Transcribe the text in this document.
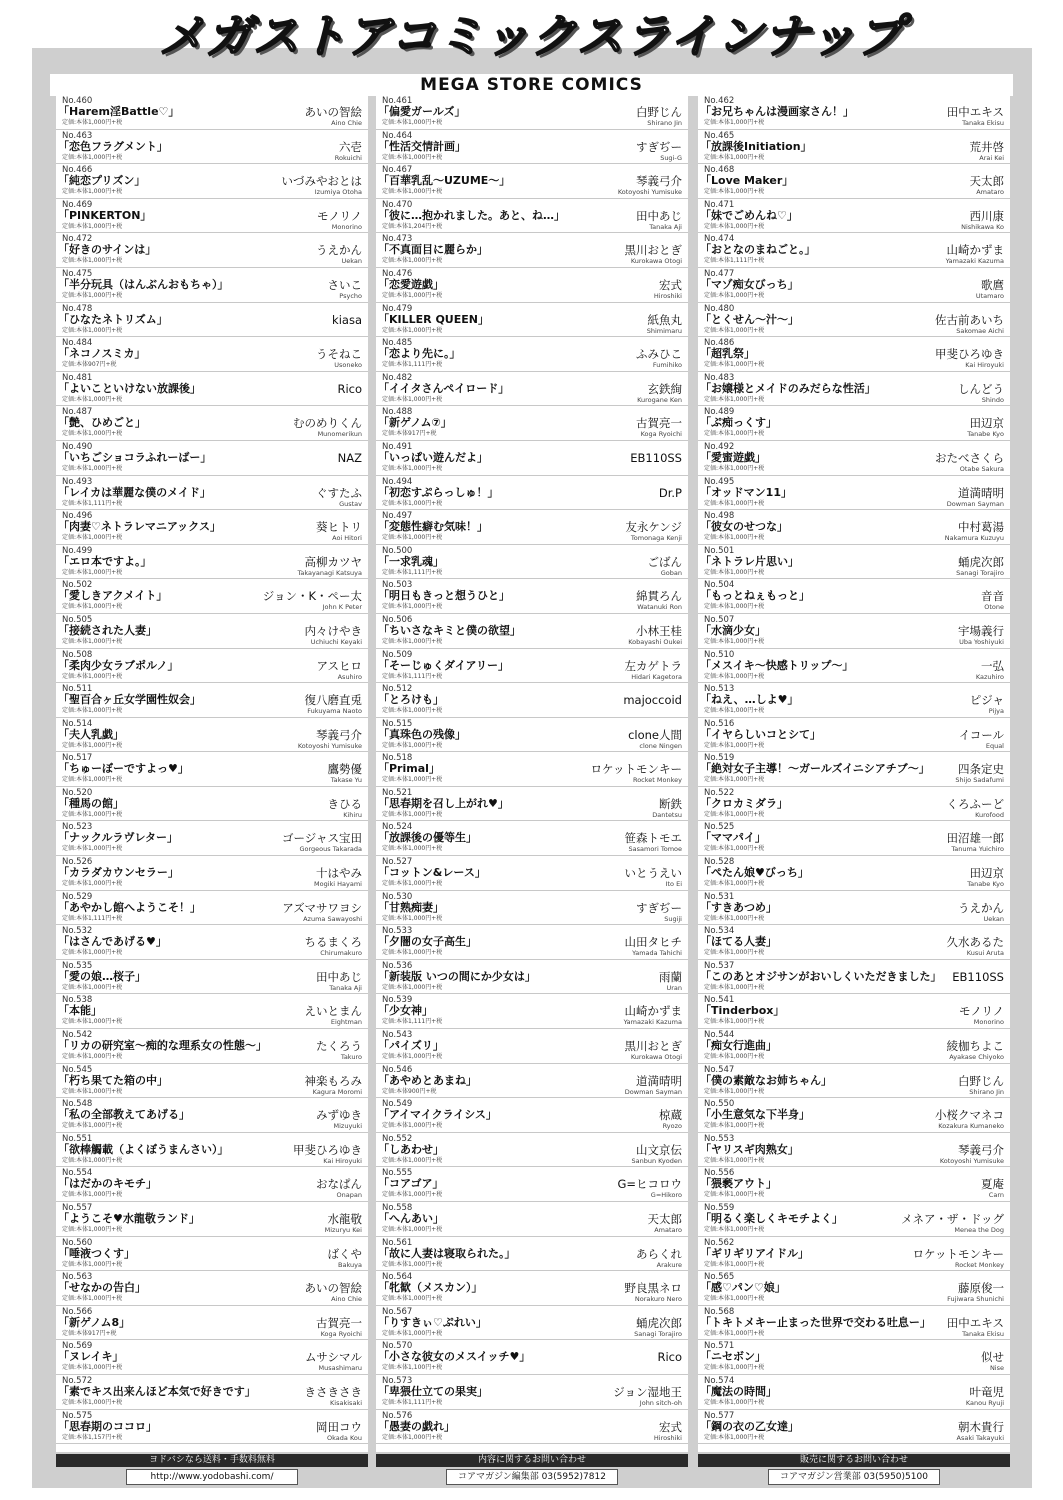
メガストアコミックスラインナップ
MEGA STORE COMICS
No.460
「Harem淫Battle♡」
定価:本体1,000円+税
あいの智絵
Aino Chie
No.463
「恋色フラグメント」
定価:本体1,000円+税
六壱
Rokuichi
No.466
「純恋プリズン」
定価:本体1,000円+税
いづみやおとは
Izumiya Otoha
No.469
「PINKERTON」
定価:本体1,000円+税
モノリノ
Monorino
No.472
「好きのサインは」
定価:本体1,000円+税
うえかん
Uekan
No.475
「半分玩具（はんぶんおもちゃ）」
定価:本体1,000円+税
さいこ
Psycho
No.478
「ひなたネトリズム」
定価:本体1,000円+税
kiasa
No.484
「ネコノスミカ」
定価:本体907円+税
うそねこ
Usoneko
No.481
「よいこといけない放課後」
定価:本体1,000円+税
Rico
No.487
「艶、ひめごと」
定価:本体1,000円+税
むのめりくん
Munomerikun
No.490
「いちごショコラふれーばー」
定価:本体1,000円+税
NAZ
No.493
「レイカは華麗な僕のメイド」
定価:本体1,111円+税
ぐすたふ
Gustav
No.496
「肉妻♡ネトラレマニアックス」
定価:本体1,000円+税
葵ヒトリ
Aoi Hitori
No.499
「エロ本ですよ。」
定価:本体1,000円+税
高柳カツヤ
Takayanagi Katsuya
No.502
「愛しきアクメイト」
定価:本体1,000円+税
ジョン・K・ペー太
John K Peter
No.505
「接続された人妻」
定価:本体1,000円+税
内々けやき
Uchiuchi Keyaki
No.508
「柔肉少女ラブポルノ」
定価:本体1,000円+税
アスヒロ
Asuhiro
No.511
「聖百合ヶ丘女学園性奴会」
定価:本体1,000円+税
復八磨直兎
Fukuyama Naoto
No.514
「夫人乳戯」
定価:本体1,000円+税
琴義弓介
Kotoyoshi Yumisuke
No.517
「ちゅーぼーですよっ♥」
定価:本体1,000円+税
鷹勢優
Takase Yu
No.520
「種馬の館」
定価:本体1,000円+税
きひる
Kihiru
No.523
「ナックルラヴレター」
定価:本体1,000円+税
ゴージャス宝田
Gorgeous Takarada
No.526
「カラダカウンセラー」
定価:本体1,000円+税
十はやみ
Mogiki Hayami
No.529
「あやかし館へようこそ！」
定価:本体1,111円+税
アズマサワヨシ
Azuma Sawayoshi
No.532
「はさんであげる♥」
定価:本体1,000円+税
ちるまくろ
Chirumakuro
No.535
「愛の娘…桜子」
定価:本体1,000円+税
田中あじ
Tanaka Aji
No.538
「本能」
定価:本体1,000円+税
えいとまん
Eightman
No.542
「リカの研究室～痴的な理系女の性態～」
定価:本体1,000円+税
たくろう
Takuro
No.545
「朽ち果てた箱の中」
定価:本体1,000円+税
神楽もろみ
Kagura Moromi
No.548
「私の全部教えてあげる」
定価:本体1,000円+税
みずゆき
Mizuyuki
No.551
「欲棒觸載（よくぼうまんさい）」
定価:本体1,000円+税
甲斐ひろゆき
Kai Hiroyuki
No.554
「はだかのキモチ」
定価:本体1,000円+税
おなぱん
Onapan
No.557
「ようこそ♥水龍敬ランド」
定価:本体1,000円+税
水龍敬
Mizuryu Kei
No.560
「唾液つくす」
定価:本体1,000円+税
ばくや
Bakuya
No.563
「せなかの告白」
定価:本体1,000円+税
あいの智絵
Aino Chie
No.566
「新ゲノム8」
定価:本体917円+税
古賀亮一
Koga Ryoichi
No.569
「ヌレイキ」
定価:本体1,000円+税
ムサシマル
Musashimaru
No.572
「素でキス出来んほど本気で好きです」
定価:本体1,000円+税
きさきさき
Kisakisaki
No.575
「思春期のココロ」
定価:本体1,157円+税
岡田コウ
Okada Kou
No.461
「偏愛ガールズ」
定価:本体1,000円+税
白野じん
Shirano Jin
No.464
「性活交情計画」
定価:本体1,000円+税
すぎぢー
Sugi-G
No.467
「百華乳乱～UZUME～」
定価:本体1,000円+税
琴義弓介
Kotoyoshi Yumisuke
No.470
「彼に…抱かれました。あと、ね…」
定価:本体1,204円+税
田中あじ
Tanaka Aji
No.473
「不真面目に麗らか」
定価:本体1,000円+税
黒川おとぎ
Kurokawa Otogi
No.476
「恋愛遊戯」
定価:本体1,000円+税
宏式
Hiroshiki
No.479
「KILLER QUEEN」
定価:本体1,000円+税
紙魚丸
Shimimaru
No.485
「恋より先に。」
定価:本体1,111円+税
ふみひこ
Fumihiko
No.482
「イイタさんペイロード」
定価:本体1,000円+税
玄鉄絢
Kurogane Ken
No.488
「新ゲノム⑦」
定価:本体917円+税
古賀亮一
Koga Ryoichi
No.491
「いっぱい遊んだよ」
定価:本体1,000円+税
EB110SS
No.494
「初恋すぷらっしゅ！」
定価:本体1,000円+税
Dr.P
No.497
「変態性癖む気味！」
定価:本体1,000円+税
友永ケンジ
Tomonaga Kenji
No.500
「一求乳魂」
定価:本体1,111円+税
ごばん
Goban
No.503
「明日もきっと想うひと」
定価:本体1,000円+税
綿貫ろん
Watanuki Ron
No.506
「ちいさなキミと僕の欲望」
定価:本体1,000円+税
小林王桂
Kobayashi Oukei
No.509
「そーじゅくダイアリー」
定価:本体1,111円+税
左カゲトラ
Hidari Kagetora
No.512
「とろけも」
定価:本体1,000円+税
majoccoid
No.515
「真珠色の残像」
定価:本体1,000円+税
clone人間
clone Ningen
No.518
「Primal」
定価:本体1,000円+税
ロケットモンキー
Rocket Monkey
No.521
「思春期を召し上がれ♥」
定価:本体1,000円+税
断鉄
Dantetsu
No.524
「放課後の優等生」
定価:本体1,000円+税
笹森トモエ
Sasamori Tomoe
No.527
「コットン&レース」
定価:本体1,000円+税
いとうえい
Ito Ei
No.530
「甘熟痴妻」
定価:本体1,000円+税
すぎぢー
Sugiji
No.533
「夕闇の女子高生」
定価:本体1,000円+税
山田タヒチ
Yamada Tahichi
No.536
「新装版 いつの間にか少女は」
定価:本体1,000円+税
雨蘭
Uran
No.539
「少女神」
定価:本体1,111円+税
山崎かずま
Yamazaki Kazuma
No.543
「パイズリ」
定価:本体1,000円+税
黒川おとぎ
Kurokawa Otogi
No.546
「あやめとあまね」
定価:本体900円+税
道満晴明
Dowman Sayman
No.549
「アイマイクライシス」
定価:本体1,000円+税
椋蔵
Ryozo
No.552
「しあわせ」
定価:本体1,000円+税
山文京伝
Sanbun Kyoden
No.555
「コアゴア」
定価:本体1,000円+税
G=ヒコロウ
G=Hikoro
No.558
「へんあい」
定価:本体1,000円+税
天太郎
Amataro
No.561
「故に人妻は寝取られた。」
定価:本体1,000円+税
あらくれ
Arakure
No.564
「牝歓（メスカン）」
定価:本体1,000円+税
野良黒ネロ
Norakuro Nero
No.567
「りすきぃ♡ぷれい」
定価:本体1,000円+税
蛹虎次郎
Sanagi Torajiro
No.570
「小さな彼女のメスイッチ♥」
定価:本体1,100円+税
Rico
No.573
「卑猥仕立ての果実」
定価:本体1,111円+税
ジョン湿地王
John sitch-oh
No.576
「愚妻の戯れ」
定価:本体1,000円+税
宏式
Hiroshiki
No.462
「お兄ちゃんは漫画家さん！」
定価:本体1,000円+税
田中エキス
Tanaka Ekisu
No.465
「放課後Initiation」
定価:本体1,000円+税
荒井啓
Arai Kei
No.468
「Love Maker」
定価:本体1,000円+税
天太郎
Amataro
No.471
「妹でごめんね♡」
定価:本体1,000円+税
西川康
Nishikawa Ko
No.474
「おとなのまねごと。」
定価:本体1,111円+税
山崎かずま
Yamazaki Kazuma
No.477
「マゾ痴女びっち」
定価:本体1,000円+税
歌麿
Utamaro
No.480
「とくせん～汁～」
定価:本体1,000円+税
佐古前あいち
Sakomae Aichi
No.486
「超乳祭」
定価:本体1,000円+税
甲斐ひろゆき
Kai Hiroyuki
No.483
「お嬢様とメイドのみだらな性活」
定価:本体1,000円+税
しんどう
Shindo
No.489
「ぷ痴っくす」
定価:本体1,000円+税
田辺京
Tanabe Kyo
No.492
「愛蜜遊戯」
定価:本体1,000円+税
おたべさくら
Otabe Sakura
No.495
「オッドマン11」
定価:本体1,000円+税
道満晴明
Dowman Sayman
No.498
「彼女のせつな」
定価:本体1,000円+税
中村葛湯
Nakamura Kuzuyu
No.501
「ネトラレ片思い」
定価:本体1,000円+税
蛹虎次郎
Sanagi Torajiro
No.504
「もっとねぇもっと」
定価:本体1,000円+税
音音
Otone
No.507
「水滴少女」
定価:本体1,000円+税
宇場義行
Uba Yoshiyuki
No.510
「メスイキ～快感トリップ～」
定価:本体1,000円+税
一弘
Kazuhiro
No.513
「ねえ、…しよ♥」
定価:本体1,000円+税
ピジャ
Pijya
No.516
「イヤらしいコとシて」
定価:本体1,000円+税
イコール
Equal
No.519
「絶対女子主導！～ガールズイニシアチブ～」
定価:本体1,000円+税
四条定史
Shijo Sadafumi
No.522
「クロカミダラ」
定価:本体1,000円+税
くろふーど
Kurofood
No.525
「ママパイ」
定価:本体1,000円+税
田沼雄一郎
Tanuma Yuichiro
No.528
「ぺたん娘♥びっち」
定価:本体1,000円+税
田辺京
Tanabe Kyo
No.531
「すきあつめ」
定価:本体1,000円+税
うえかん
Uekan
No.534
「ほてる人妻」
定価:本体1,000円+税
久水あるた
Kusui Aruta
No.537
「このあとオジサンがおいしくいただきました」
定価:本体1,000円+税
EB110SS
No.541
「Tinderbox」
定価:本体1,000円+税
モノリノ
Monorino
No.544
「痴女行進曲」
定価:本体1,000円+税
綾枷ちよこ
Ayakase Chiyoko
No.547
「僕の素敵なお姉ちゃん」
定価:本体1,000円+税
白野じん
Shirano Jin
No.550
「小生意気な下半身」
定価:本体1,000円+税
小桜クマネコ
Kozakura Kumaneko
No.553
「ヤリスギ肉熟女」
定価:本体1,000円+税
琴義弓介
Kotoyoshi Yumisuke
No.556
「猥褻アウト」
定価:本体1,000円+税
夏庵
Carn
No.559
「明るく楽しくキモチよく」
定価:本体1,000円+税
メネア・ザ・ドッグ
Menea the Dog
No.562
「ギリギリアイドル」
定価:本体1,000円+税
ロケットモンキー
Rocket Monkey
No.565
「感♡パン♡娘」
定価:本体1,000円+税
藤原俊一
Fujiwara Shunichi
No.568
「トキトメキー止まった世界で交わる吐息ー」
定価:本体1,000円+税
田中エキス
Tanaka Ekisu
No.571
「ニセボン」
定価:本体1,000円+税
似せ
Nise
No.574
「魔法の時間」
定価:本体1,000円+税
叶竜児
Kanou Ryuji
No.577
「鋼の衣の乙女達」
定価:本体1,000円+税
朝木貴行
Asaki Takayuki
ヨドバシなら送料・手数料無料
http://www.yodobashi.com/
内容に関するお問い合わせ
コアマガジン編集部 03(5952)7812
販売に関するお問い合わせ
コアマガジン営業部 03(5950)5100
